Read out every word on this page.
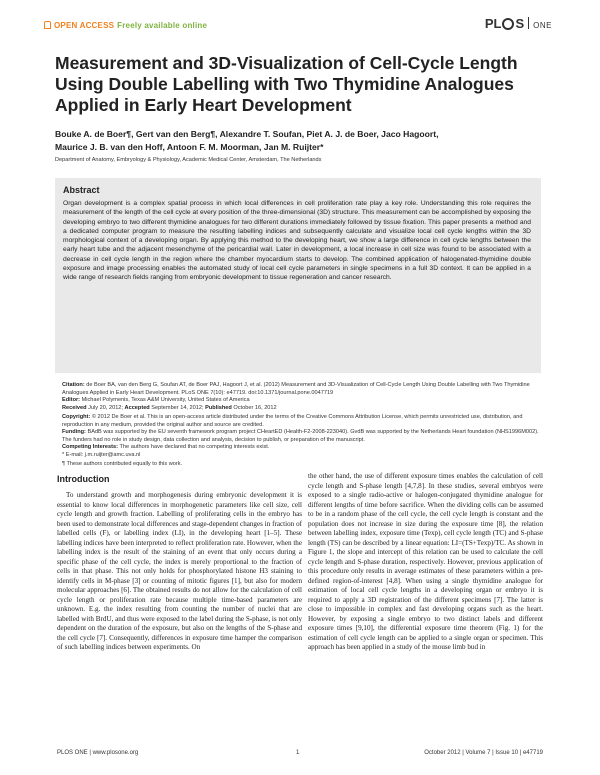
OPEN ACCESS Freely available online	PL S ONE
Measurement and 3D-Visualization of Cell-Cycle Length Using Double Labelling with Two Thymidine Analogues Applied in Early Heart Development
Bouke A. de Boer¶, Gert van den Berg¶, Alexandre T. Soufan, Piet A. J. de Boer, Jaco Hagoort,
Maurice J. B. van den Hoff, Antoon F. M. Moorman, Jan M. Ruijter*
Department of Anatomy, Embryology & Physiology, Academic Medical Center, Amsterdam, The Netherlands
Abstract
Organ development is a complex spatial process in which local differences in cell proliferation rate play a key role. Understanding this role requires the measurement of the length of the cell cycle at every position of the three-dimensional (3D) structure. This measurement can be accomplished by exposing the developing embryo to two different thymidine analogues for two different durations immediately followed by tissue fixation. This paper presents a method and a dedicated computer program to measure the resulting labelling indices and subsequently calculate and visualize local cell cycle lengths within the 3D morphological context of a developing organ. By applying this method to the developing heart, we show a large difference in cell cycle lengths between the early heart tube and the adjacent mesenchyme of the pericardial wall. Later in development, a local increase in cell size was found to be associated with a decrease in cell cycle length in the region where the chamber myocardium starts to develop. The combined application of halogenated-thymidine double exposure and image processing enables the automated study of local cell cycle parameters in single specimens in a full 3D context. It can be applied in a wide range of research fields ranging from embryonic development to tissue regeneration and cancer research.
Citation: de Boer BA, van den Berg G, Soufan AT, de Boer PAJ, Hagoort J, et al. (2012) Measurement and 3D-Visualization of Cell-Cycle Length Using Double Labelling with Two Thymidine Analogues Applied in Early Heart Development. PLoS ONE 7(10): e47719. doi:10.1371/journal.pone.0047719
Editor: Michael Polymenis, Texas A&M University, United States of America
Received July 20, 2012; Accepted September 14, 2012; Published October 16, 2012
Copyright: © 2012 De Boer et al. This is an open-access article distributed under the terms of the Creative Commons Attribution License, which permits unrestricted use, distribution, and reproduction in any medium, provided the original author and source are credited.
Funding: BAdB was supported by the EU seventh framework program project CHeartED (Health-F2-2008-223040). GvdB was supported by the Netherlands Heart foundation (NHS1996M002). The funders had no role in study design, data collection and analysis, decision to publish, or preparation of the manuscript.
Introduction

To understand growth and morphogenesis during embryonic development it is essential to know local differences in morphogenetic parameters like cell size, cell cycle length and growth fraction. Labelling of proliferating cells in the embryo has been used to demonstrate local differences and stage-dependent changes in fraction of labelled cells (F), or labelling index (LI), in the developing heart [1–5]. These labelling indices have been interpreted to reflect proliferation rate. However, when the labelling index is the result of the staining of an event that only occurs during a specific phase of the cell cycle, the index is merely proportional to the fraction of cells in that phase. This not only holds for phosphorylated histone H3 staining to identify cells in M-phase [3] or counting of mitotic figures [1], but also for modern molecular approaches [6]. The obtained results do not allow for the calculation of cell cycle length or proliferation rate because multiple time-based parameters are unknown. E.g. the index resulting from counting the number of nuclei that are labelled with BrdU, and thus were exposed to the label during the S-phase, is not only dependent on the duration of the exposure, but also on the lengths of the S-phase and the cell cycle [7]. Consequently, differences in exposure time hamper the comparison of such labelling indices between experiments. On

the other hand, the use of different exposure times enables the calculation of cell cycle length and S-phase length [4,7,8]. In these studies, several embryos were exposed to a single radio-active or halogen-conjugated thymidine analogue for different lengths of time before sacrifice. When the dividing cells can be assumed to be in a random phase of the cell cycle, the cell cycle length is constant and the population does not increase in size during the exposure time [8], the relation between labelling index, exposure time (Texp), cell cycle length (TC) and S-phase length (TS) can be described by a linear equation: LI=(TS+Texp)/TC. As shown in Figure 1, the slope and intercept of this relation can be used to calculate the cell cycle length and S-phase duration, respectively. However, previous application of this procedure only results in average estimates of these parameters within a pre-defined region-of-interest [4,8]. When using a single thymidine analogue for estimation of local cell cycle lengths in a developing organ or embryo it is required to apply a 3D registration of the different specimens [7]. The latter is close to impossible in complex and fast developing organs such as the heart. However, by exposing a single embryo to two distinct labels and different exposure times [9,10], the differential exposure time theorem (Fig. 1) for the estimation of cell cycle length can be applied to a single organ or specimen. This approach has been applied in a study of the mouse limb bud in

PLOS ONE | www.plosone.org	1	October 2012 | Volume 7 | Issue 10 | e47719
Competing Interests: The authors have declared that no competing interests exist.
* E-mail: j.m.ruijter@amc.uva.nl
¶ These authors contributed equally to this work.
